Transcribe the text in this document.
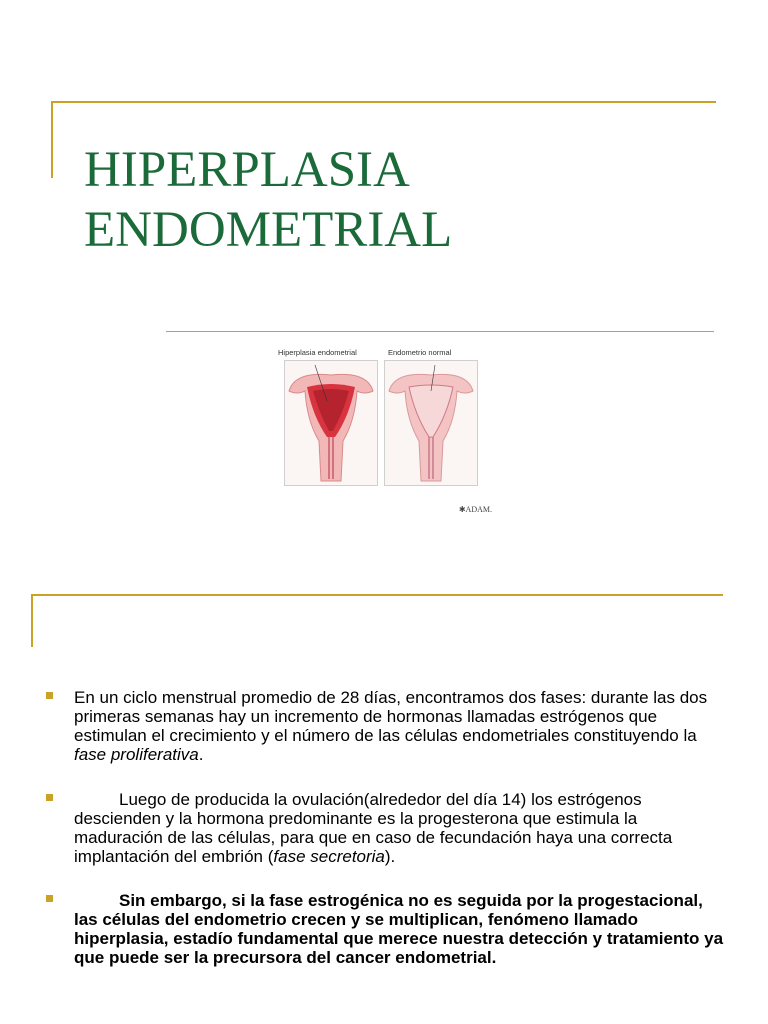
HIPERPLASIA
ENDOMETRIAL
Hiperplasia endometrial	Endometrio normal
✱ADAM.
En un ciclo menstrual promedio de 28 días, encontramos dos fases: durante las dos primeras semanas hay un incremento de hormonas llamadas estrógenos que estimulan el crecimiento y el número de las células endometriales constituyendo la fase proliferativa.
Luego de producida la ovulación(alrededor del día 14) los estrógenos descienden y la hormona predominante es la progesterona que estimula la maduración de las células, para que en caso de fecundación haya una correcta implantación del embrión (fase secretoria).
Sin embargo, si la fase estrogénica no es seguida por la progestacional, las células del endometrio crecen y se multiplican, fenómeno llamado hiperplasia, estadío fundamental que merece nuestra detección y tratamiento ya que puede ser la precursora del cancer endometrial.
